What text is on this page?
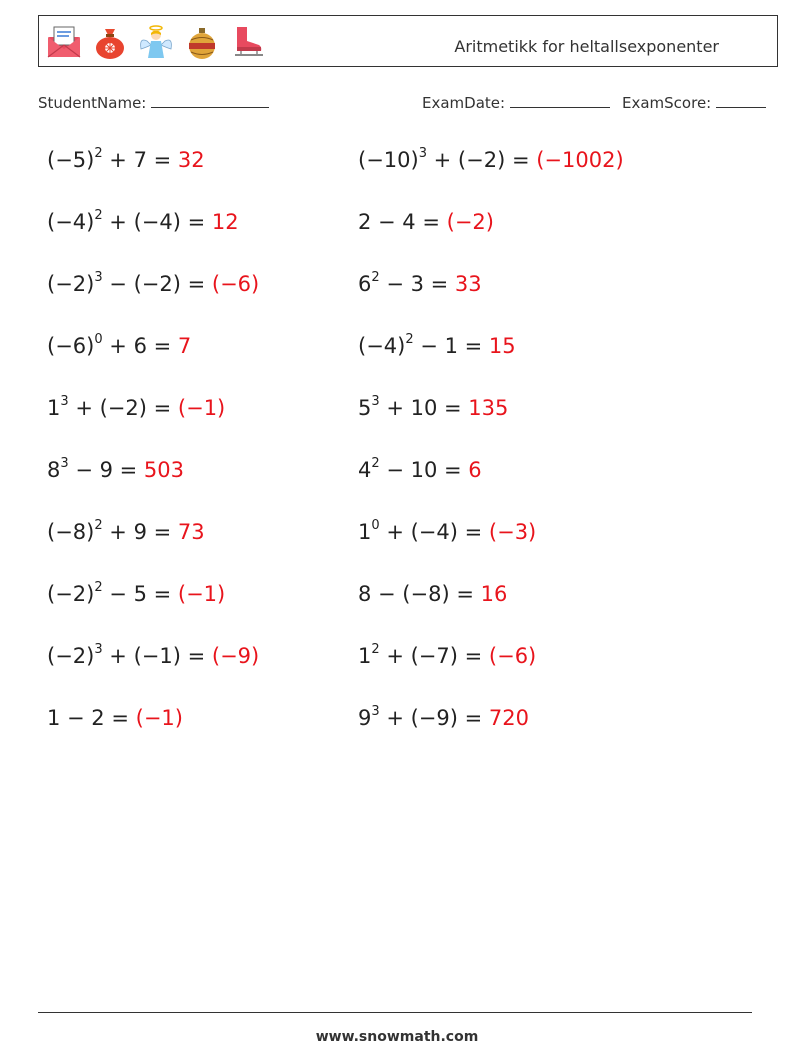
Aritmetikk for heltallsexponenter
StudentName:	ExamDate:	ExamScore:
$(-5)^2 + 7 = 32$
$(-4)^2 + (-4) = 12$
$(-2)^3 - (-2) = (-6)$
$(-6)^0 + 6 = 7$
$1^3 + (-2) = (-1)$
$8^3 - 9 = 503$
$(-8)^2 + 9 = 73$
$(-2)^2 - 5 = (-1)$
$(-2)^3 + (-1) = (-9)$
1 − 2 = (−1)
$(-10)^3 + (-2) = (-1002)$
2 − 4 = (−2)
$6^2 - 3 = 33$
$(-4)^2 - 1 = 15$
$5^3 + 10 = 135$
$4^2 - 10 = 6$
$1^0 + (-4) = (-3)$
8 − (−8) = 16
$1^2 + (-7) = (-6)$
$9^3 + (-9) = 720$
www.snowmath.com
